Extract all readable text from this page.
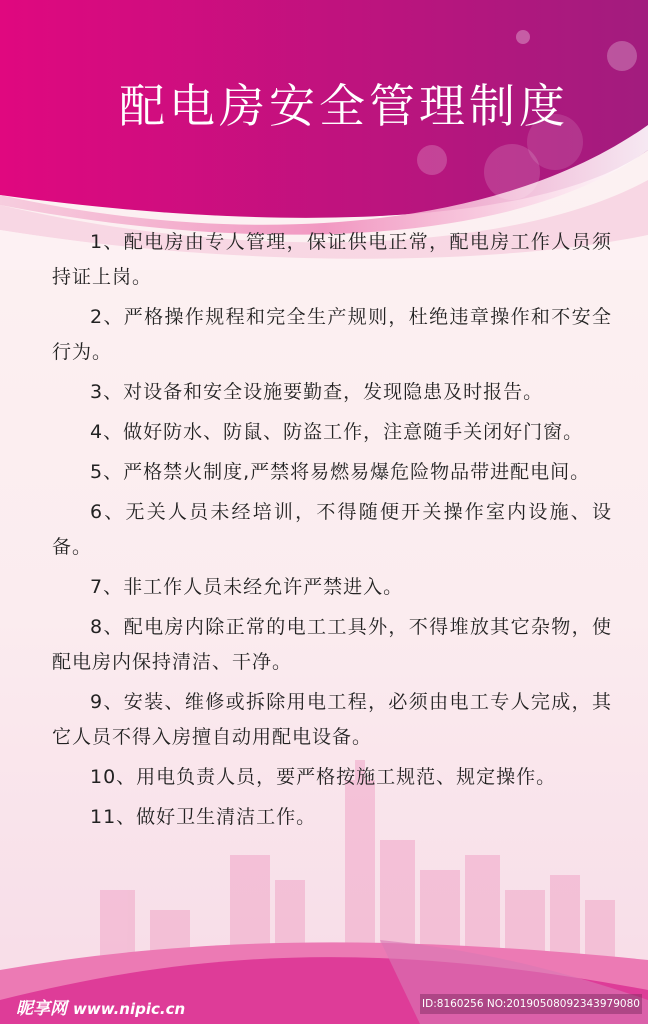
配电房安全管理制度

1、配电房由专人管理，保证供电正常，配电房工作人员须持证上岗。

2、严格操作规程和完全生产规则，杜绝违章操作和不安全行为。

3、对设备和安全设施要勤查，发现隐患及时报告。

4、做好防水、防鼠、防盗工作，注意随手关闭好门窗。

5、严格禁火制度,严禁将易燃易爆危险物品带进配电间。

6、无关人员未经培训，不得随便开关操作室内设施、设备。

7、非工作人员未经允许严禁进入。

8、配电房内除正常的电工工具外，不得堆放其它杂物，使配电房内保持清洁、干净。

9、安装、维修或拆除用电工程，必须由电工专人完成，其它人员不得入房擅自动用配电设备。

10、用电负责人员，要严格按施工规范、规定操作。

11、做好卫生清洁工作。

昵享网 www.nipic.cn	ID:8160256 NO:20190508092343979080
